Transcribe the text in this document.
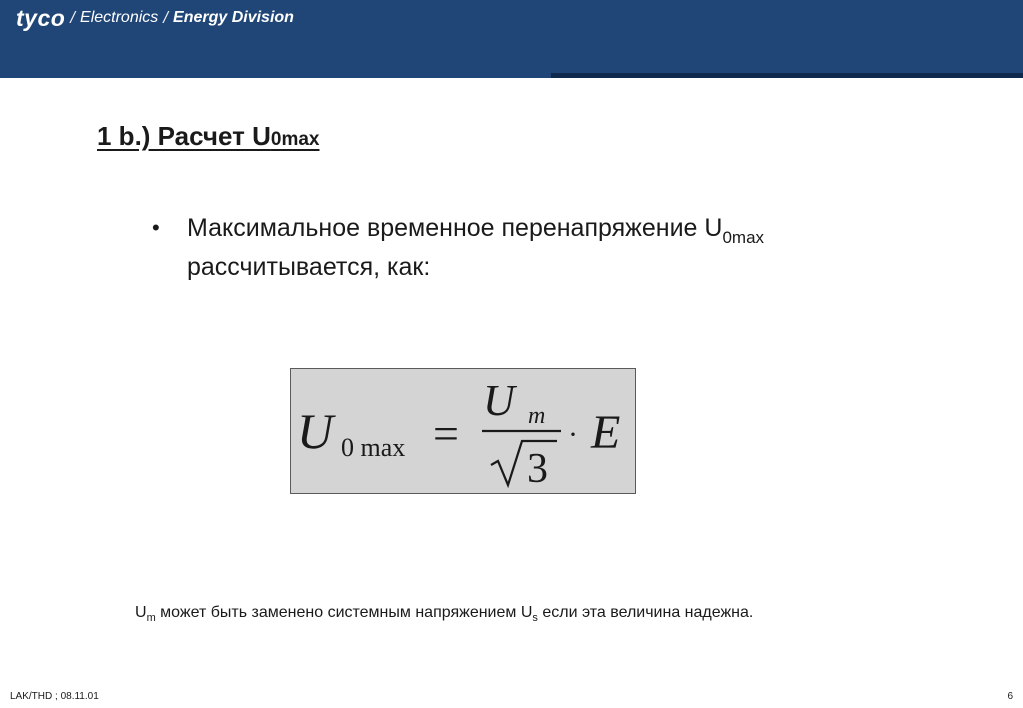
tyco / Electronics / Energy Division
1 b.) Расчет U0max
• Максимальное временное перенапряжение $U_{0max}$
рассчитывается, как:
U 0 max =
U m
3
· E
$U_m$ может быть заменено системным напряжением $U_s$ если эта величина надежна.
LAK/THD ; 08.11.01	6
